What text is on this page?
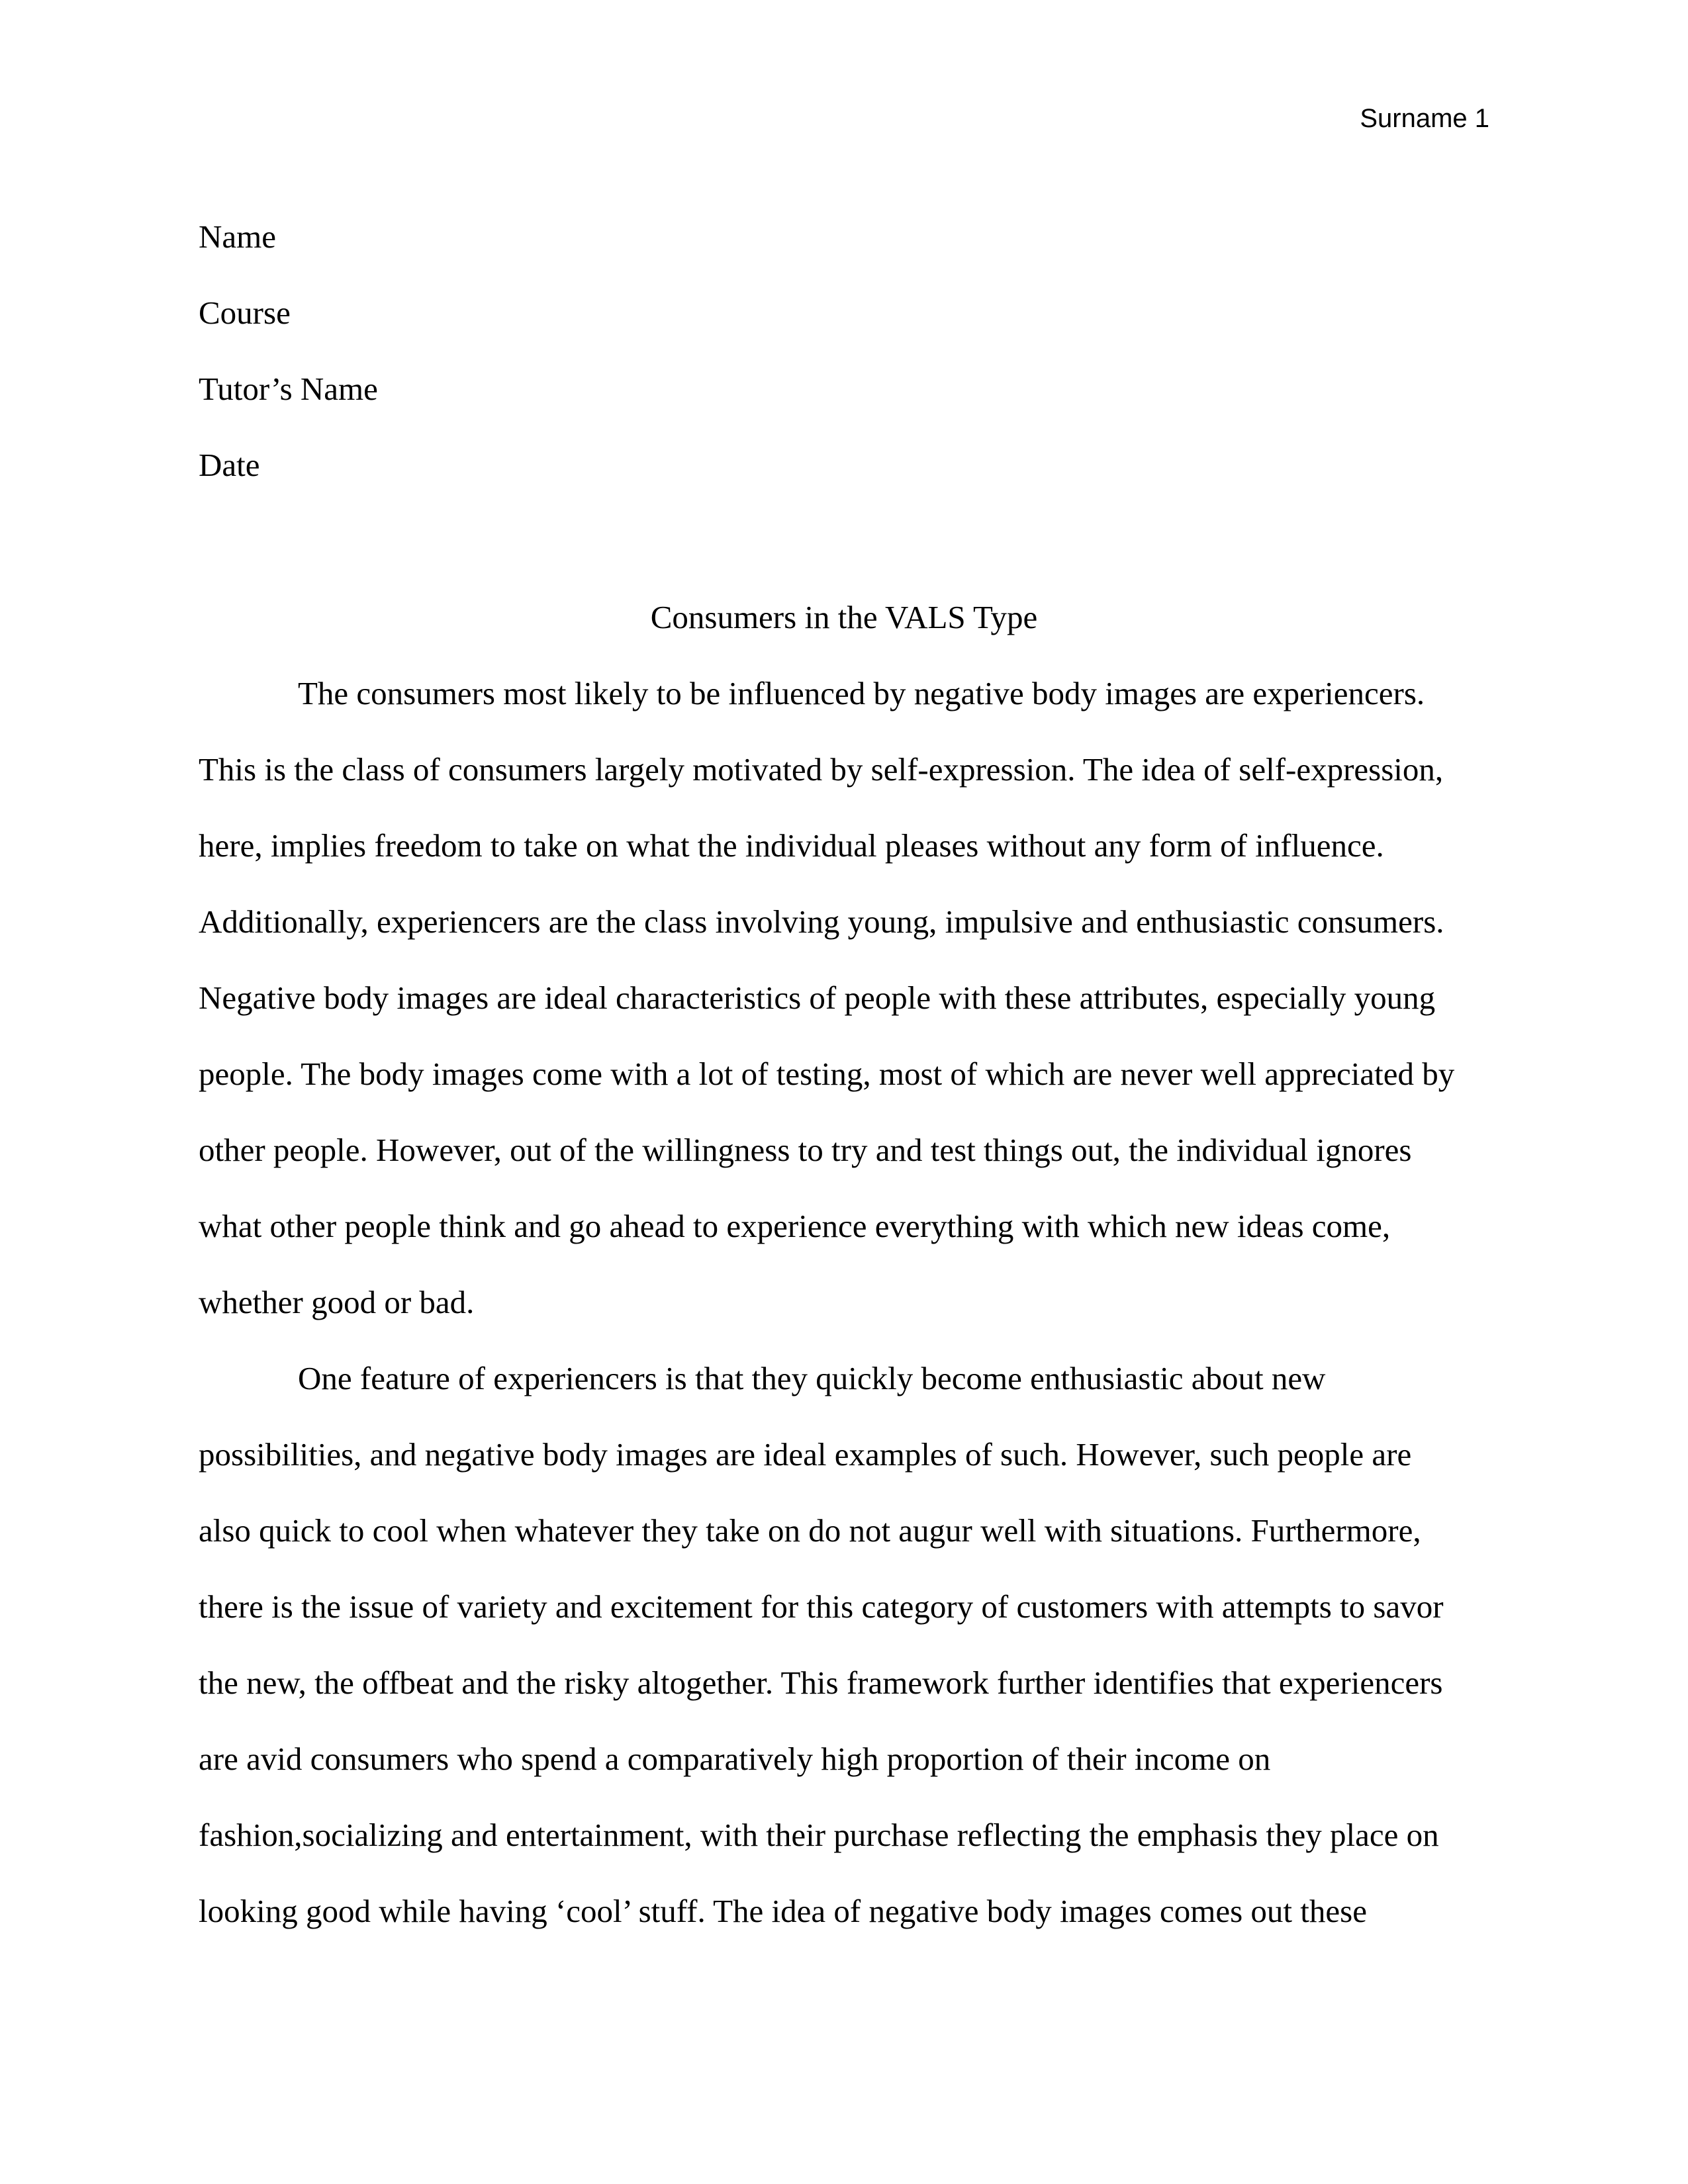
Surname 1
Name
Course
Tutor’s Name
Date
Consumers in the VALS Type
The consumers most likely to be influenced by negative body images are experiencers.
This is the class of consumers largely motivated by self-expression. The idea of self-expression,
here, implies freedom to take on what the individual pleases without any form of influence.
Additionally, experiencers are the class involving young, impulsive and enthusiastic consumers.
Negative body images are ideal characteristics of people with these attributes, especially young
people. The body images come with a lot of testing, most of which are never well appreciated by
other people. However, out of the willingness to try and test things out, the individual ignores
what other people think and go ahead to experience everything with which new ideas come,
whether good or bad.
One feature of experiencers is that they quickly become enthusiastic about new
possibilities, and negative body images are ideal examples of such. However, such people are
also quick to cool when whatever they take on do not augur well with situations. Furthermore,
there is the issue of variety and excitement for this category of customers with attempts to savor
the new, the offbeat and the risky altogether. This framework further identifies that experiencers
are avid consumers who spend a comparatively high proportion of their income on
fashion,socializing and entertainment, with their purchase reflecting the emphasis they place on
looking good while having ‘cool’ stuff. The idea of negative body images comes out these
